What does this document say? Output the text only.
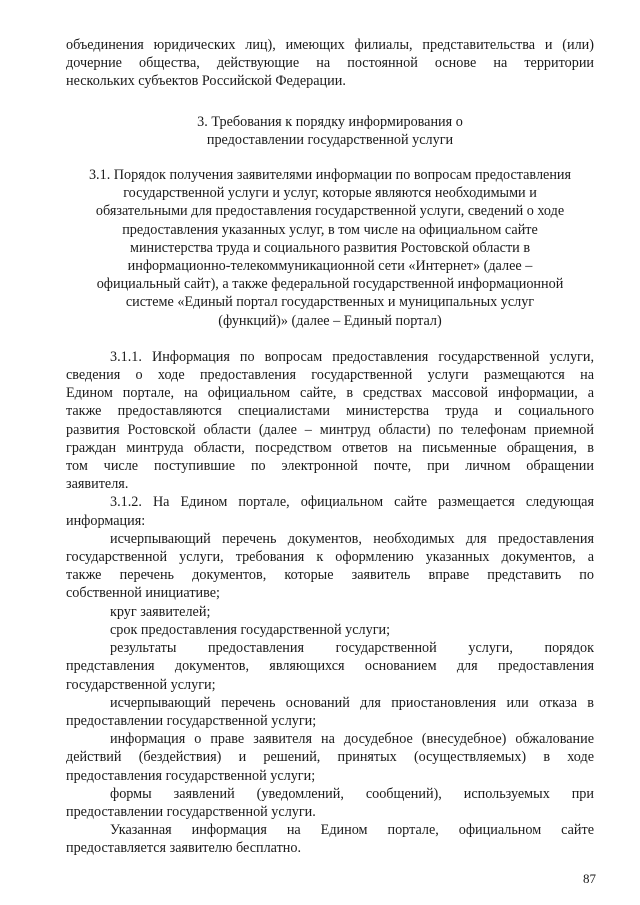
объединения юридических лиц), имеющих филиалы, представительства и (или)
дочерние общества, действующие на постоянной основе на территории
нескольких субъектов Российской Федерации.
3. Требования к порядку информирования о
предоставлении государственной услуги
3.1. Порядок получения заявителями информации по вопросам предоставления
государственной услуги и услуг, которые являются необходимыми и
обязательными для предоставления государственной услуги, сведений о ходе
предоставления указанных услуг, в том числе на официальном сайте
министерства труда и социального развития Ростовской области в
информационно-телекоммуникационной сети «Интернет» (далее –
официальный сайт), а также федеральной государственной информационной
системе «Единый портал государственных и муниципальных услуг
(функций)» (далее – Единый портал)
3.1.1. Информация по вопросам предоставления государственной услуги,
сведения о ходе предоставления государственной услуги размещаются на
Едином портале, на официальном сайте, в средствах массовой информации, а
также предоставляются специалистами министерства труда и социального
развития Ростовской области (далее – минтруд области) по телефонам приемной
граждан минтруда области, посредством ответов на письменные обращения, в
том числе поступившие по электронной почте, при личном обращении
заявителя.
3.1.2. На Едином портале, официальном сайте размещается следующая
информация:
исчерпывающий перечень документов, необходимых для предоставления
государственной услуги, требования к оформлению указанных документов, а
также перечень документов, которые заявитель вправе представить по
собственной инициативе;
круг заявителей;
срок предоставления государственной услуги;
результаты предоставления государственной услуги, порядок
представления документов, являющихся основанием для предоставления
государственной услуги;
исчерпывающий перечень оснований для приостановления или отказа в
предоставлении государственной услуги;
информация о праве заявителя на досудебное (внесудебное) обжалование
действий (бездействия) и решений, принятых (осуществляемых) в ходе
предоставления государственной услуги;
формы заявлений (уведомлений, сообщений), используемых при
предоставлении государственной услуги.
Указанная информация на Едином портале, официальном сайте
предоставляется заявителю бесплатно.
87
